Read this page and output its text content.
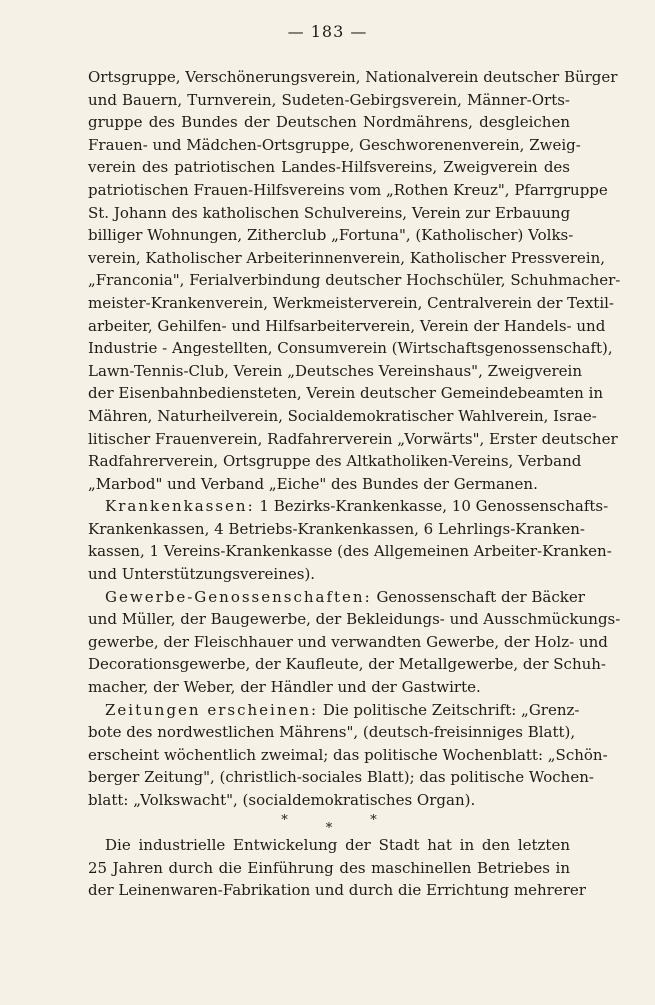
— 183 —
Ortsgruppe, Verschönerungsverein, Nationalverein deutscher Bürger
und Bauern, Turnverein, Sudeten-Gebirgsverein, Männer-Orts-
gruppe des Bundes der Deutschen Nordmährens, desgleichen
Frauen- und Mädchen-Ortsgruppe, Geschworenenverein, Zweig-
verein des patriotischen Landes-Hilfsvereins, Zweigverein des
patriotischen Frauen-Hilfsvereins vom „Rothen Kreuz", Pfarrgruppe
St. Johann des katholischen Schulvereins, Verein zur Erbauung
billiger Wohnungen, Zitherclub „Fortuna", (Katholischer) Volks-
verein, Katholischer Arbeiterinnenverein, Katholischer Pressverein,
„Franconia", Ferialverbindung deutscher Hochschüler, Schuhmacher-
meister-Krankenverein, Werkmeisterverein, Centralverein der Textil-
arbeiter, Gehilfen- und Hilfsarbeiterverein, Verein der Handels- und
Industrie - Angestellten, Consumverein (Wirtschaftsgenossenschaft),
Lawn-Tennis-Club, Verein „Deutsches Vereinshaus", Zweigverein
der Eisenbahnbediensteten, Verein deutscher Gemeindebeamten in
Mähren, Naturheilverein, Socialdemokratischer Wahlverein, Israe-
litischer Frauenverein, Radfahrerverein „Vorwärts", Erster deutscher
Radfahrerverein, Ortsgruppe des Altkatholiken-Vereins, Verband
„Marbod" und Verband „Eiche" des Bundes der Germanen.
Krankenkassen: 1 Bezirks-Krankenkasse, 10 Genossenschafts-
Krankenkassen, 4 Betriebs-Krankenkassen, 6 Lehrlings-Kranken-
kassen, 1 Vereins-Krankenkasse (des Allgemeinen Arbeiter-Kranken-
und Unterstützungsvereines).
Gewerbe-Genossenschaften: Genossenschaft der Bäcker
und Müller, der Baugewerbe, der Bekleidungs- und Ausschmückungs-
gewerbe, der Fleischhauer und verwandten Gewerbe, der Holz- und
Decorationsgewerbe, der Kaufleute, der Metallgewerbe, der Schuh-
macher, der Weber, der Händler und der Gastwirte.
Zeitungen erscheinen: Die politische Zeitschrift: „Grenz-
bote des nordwestlichen Mährens", (deutsch-freisinniges Blatt),
erscheint wöchentlich zweimal; das politische Wochenblatt: „Schön-
berger Zeitung", (christlich-sociales Blatt); das politische Wochen-
blatt: „Volkswacht", (socialdemokratisches Organ).
*
*
*
Die industrielle Entwickelung der Stadt hat in den letzten
25 Jahren durch die Einführung des maschinellen Betriebes in
der Leinenwaren-Fabrikation und durch die Errichtung mehrerer
